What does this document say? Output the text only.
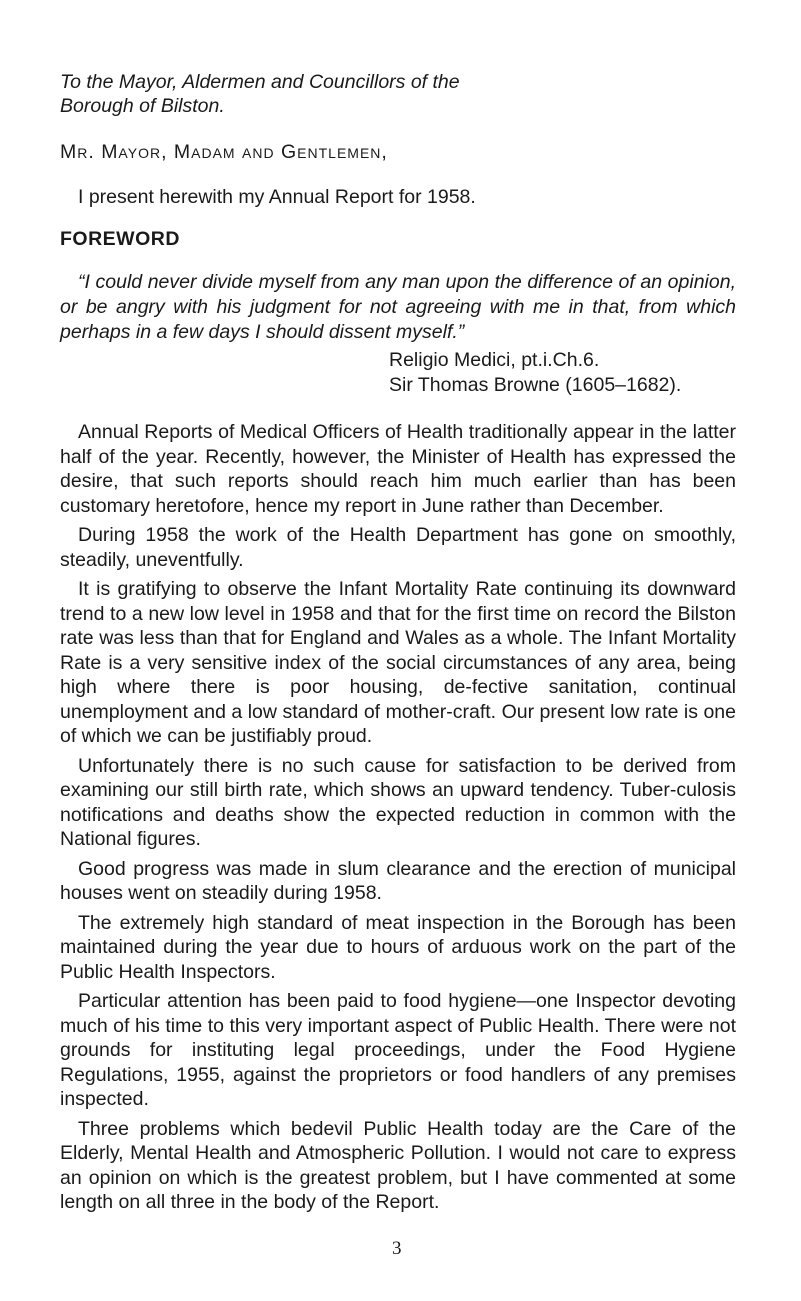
To the Mayor, Aldermen and Councillors of the Borough of Bilston.
Mr. Mayor, Madam and Gentlemen,
I present herewith my Annual Report for 1958.
FOREWORD
“I could never divide myself from any man upon the difference of an opinion, or be angry with his judgment for not agreeing with me in that, from which perhaps in a few days I should dissent myself.”
Religio Medici, pt.i.Ch.6.
Sir Thomas Browne (1605–1682).

Annual Reports of Medical Officers of Health traditionally appear in the latter half of the year. Recently, however, the Minister of Health has expressed the desire, that such reports should reach him much earlier than has been customary heretofore, hence my report in June rather than December.

During 1958 the work of the Health Department has gone on smoothly, steadily, uneventfully.

It is gratifying to observe the Infant Mortality Rate continuing its downward trend to a new low level in 1958 and that for the first time on record the Bilston rate was less than that for England and Wales as a whole. The Infant Mortality Rate is a very sensitive index of the social circumstances of any area, being high where there is poor housing, de-fective sanitation, continual unemployment and a low standard of mother-craft. Our present low rate is one of which we can be justifiably proud.

Unfortunately there is no such cause for satisfaction to be derived from examining our still birth rate, which shows an upward tendency. Tuber-culosis notifications and deaths show the expected reduction in common with the National figures.

Good progress was made in slum clearance and the erection of municipal houses went on steadily during 1958.

The extremely high standard of meat inspection in the Borough has been maintained during the year due to hours of arduous work on the part of the Public Health Inspectors.

Particular attention has been paid to food hygiene—one Inspector devoting much of his time to this very important aspect of Public Health. There were not grounds for instituting legal proceedings, under the Food Hygiene Regulations, 1955, against the proprietors or food handlers of any premises inspected.

Three problems which bedevil Public Health today are the Care of the Elderly, Mental Health and Atmospheric Pollution. I would not care to express an opinion on which is the greatest problem, but I have commented at some length on all three in the body of the Report.

3
